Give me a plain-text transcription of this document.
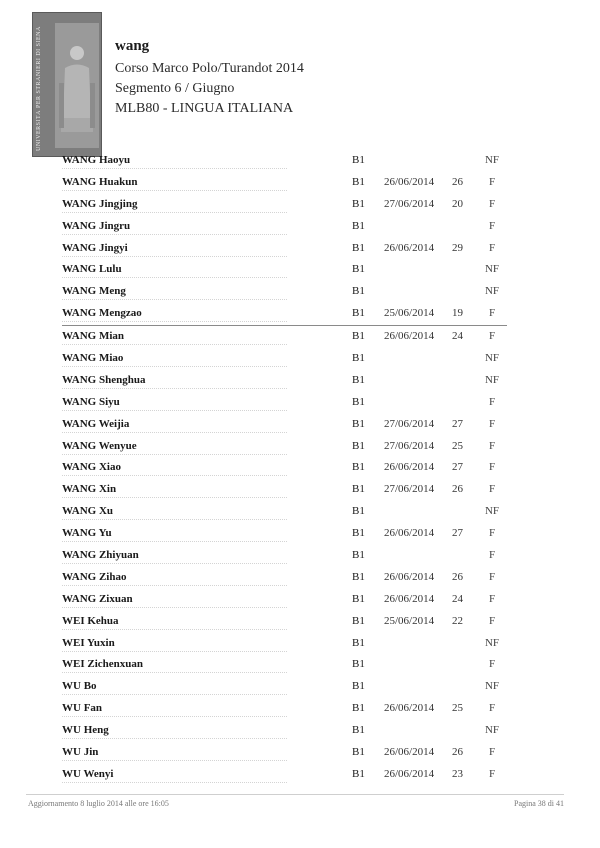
UNIVERSITÀ PER STRANIERI DI SIENA	wang
Corso Marco Polo/Turandot 2014
Segmento 6 / Giugno
MLB80 - LINGUA ITALIANA
WANG Haoyu	B1	NF
WANG Huakun	B1 26/06/2014 26	F
WANG Jingjing	B1 27/06/2014 20	F
WANG Jingru	B1	F
WANG Jingyi	B1 26/06/2014 29	F
WANG Lulu	B1	NF
WANG Meng	B1	NF
WANG Mengzao	B1 25/06/2014 19	F
WANG Mian	B1 26/06/2014 24	F
WANG Miao	B1	NF
WANG Shenghua	B1	NF
WANG Siyu	B1	F
WANG Weijia	B1 27/06/2014 27	F
WANG Wenyue	B1 27/06/2014 25	F
WANG Xiao	B1 26/06/2014 27	F
WANG Xin	B1 27/06/2014 26	F
WANG Xu	B1	NF
WANG Yu	B1 26/06/2014 27	F
WANG Zhiyuan	B1	F
WANG Zihao	B1 26/06/2014 26	F
WANG Zixuan	B1 26/06/2014 24	F
WEI Kehua	B1 25/06/2014 22	F
WEI Yuxin	B1	NF
WEI Zichenxuan	B1	F
WU Bo	B1	NF
WU Fan	B1 26/06/2014 25	F
WU Heng	B1	NF
WU Jin	B1 26/06/2014 26	F
WU Wenyi	B1 26/06/2014 23	F
Aggiornamento 8 luglio 2014 alle ore 16:05	Pagina 38 di 41
